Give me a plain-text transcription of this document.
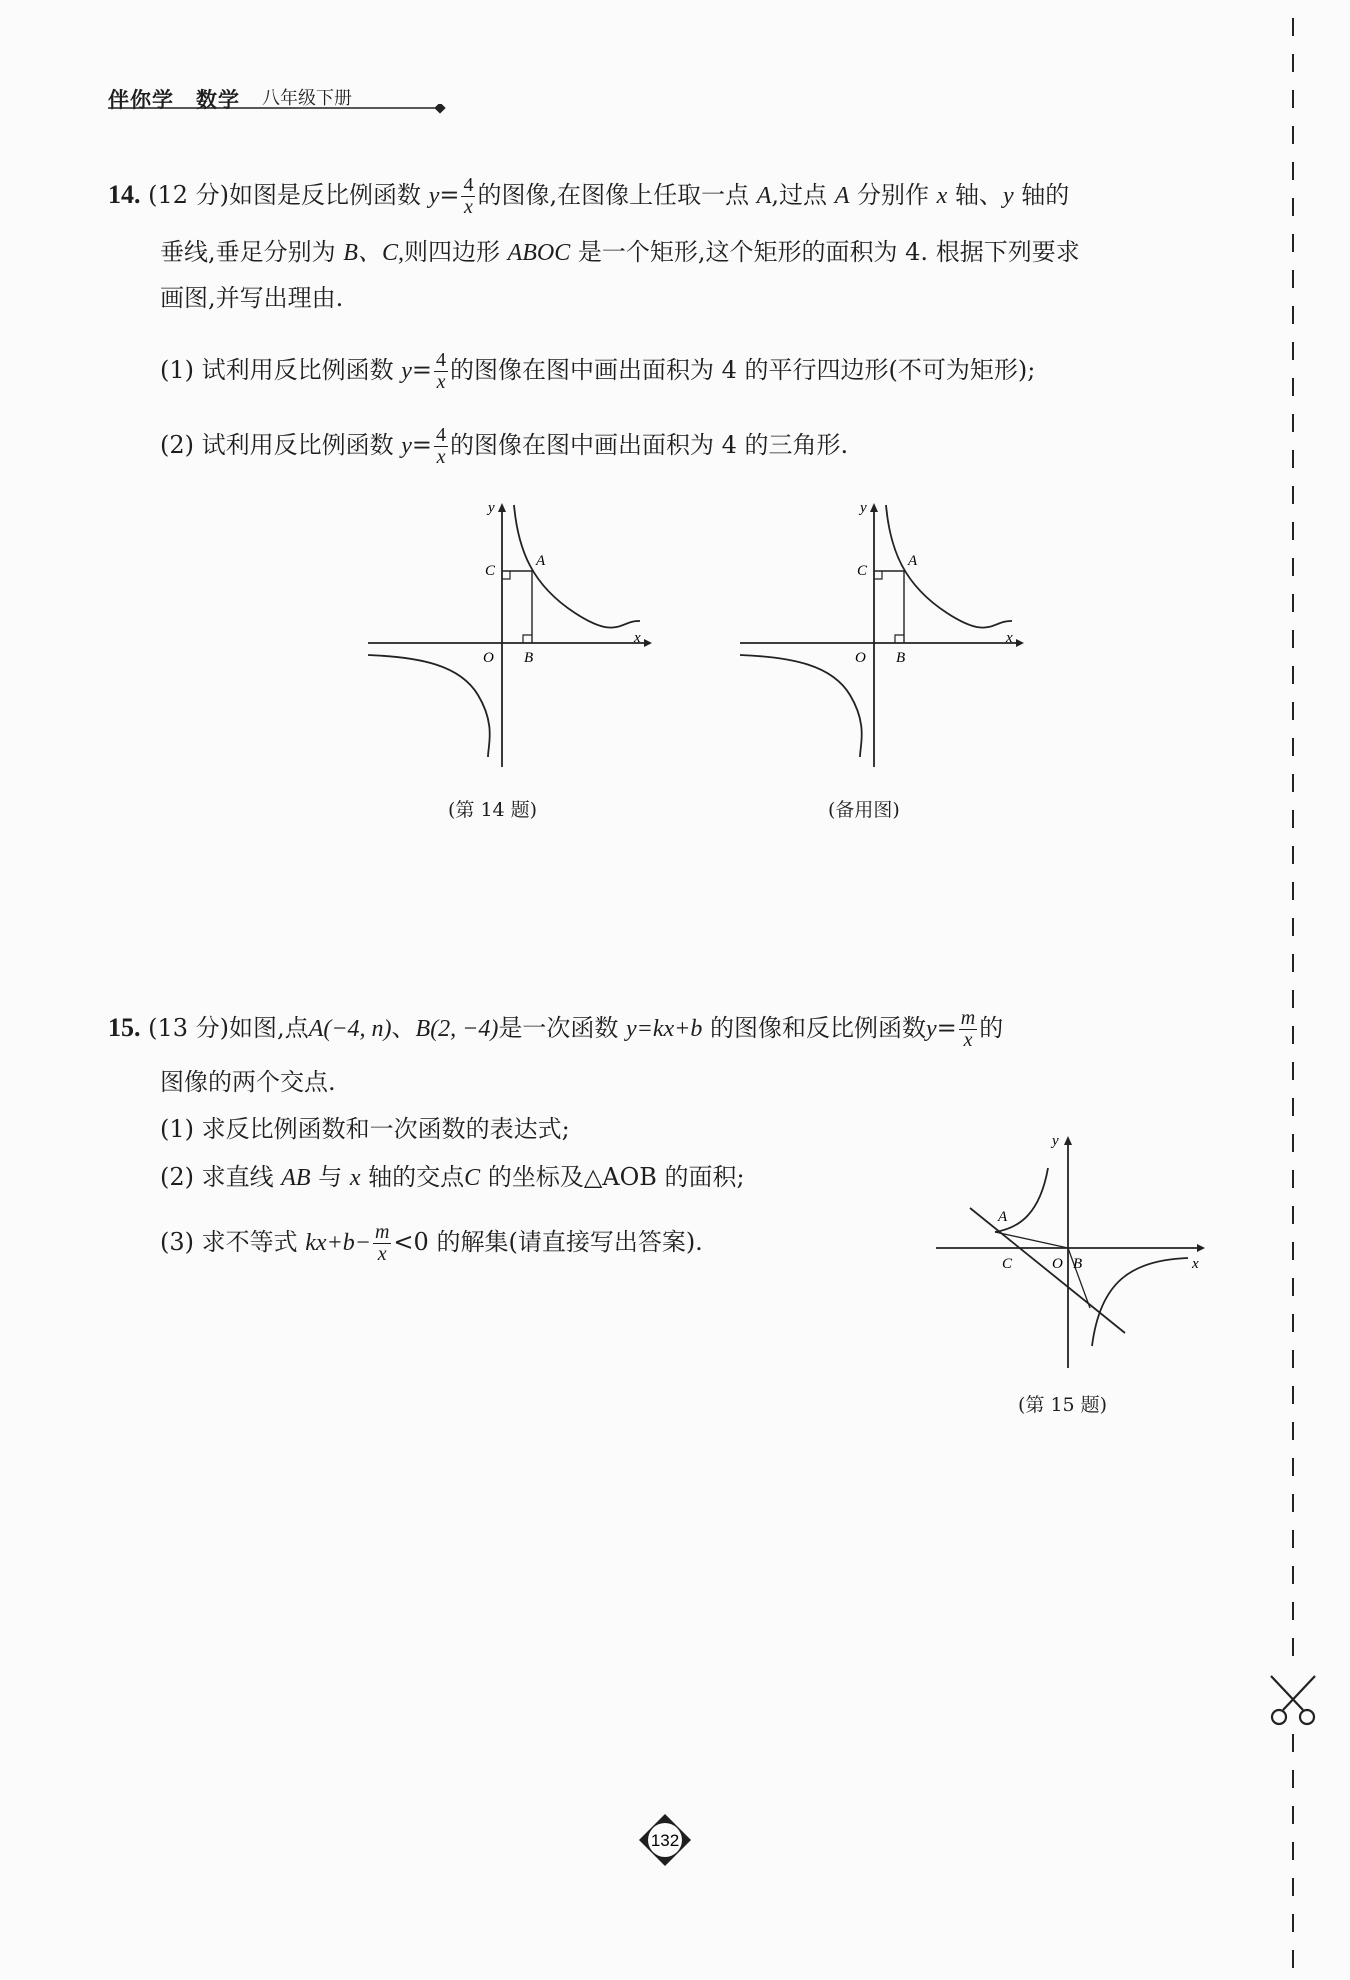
伴你学　数学 八年级下册
14. (12 分)如图是反比例函数 $y= \frac{4}{x}$ 的图像,在图像上任取一点 A,过点 A 分别作 x 轴、y 轴的
垂线,垂足分别为 B、C,则四边形 ABOC 是一个矩形,这个矩形的面积为 4. 根据下列要求
画图,并写出理由.
(1) 试利用反比例函数 $y= \frac{4}{x}$ 的图像在图中画出面积为 4 的平行四边形(不可为矩形);
(2) 试利用反比例函数 $y= \frac{4}{x}$ 的图像在图中画出面积为 4 的三角形.
y
C
A
O B
x
(第 14 题)
y
C
A
O B
x
(备用图)
15. (13 分)如图,点A(−4, n)、B(2, −4)是一次函数 y=kx+b 的图像和反比例函数$y= \frac{m}{x}$ 的
图像的两个交点.
(1) 求反比例函数和一次函数的表达式;
(2) 求直线 AB 与 x 轴的交点C 的坐标及△AOB 的面积;
(3) 求不等式 $kx+b- \frac{m}{x} <0$ 的解集(请直接写出答案).
y
A
C	O B	x
(第 15 题)
132
